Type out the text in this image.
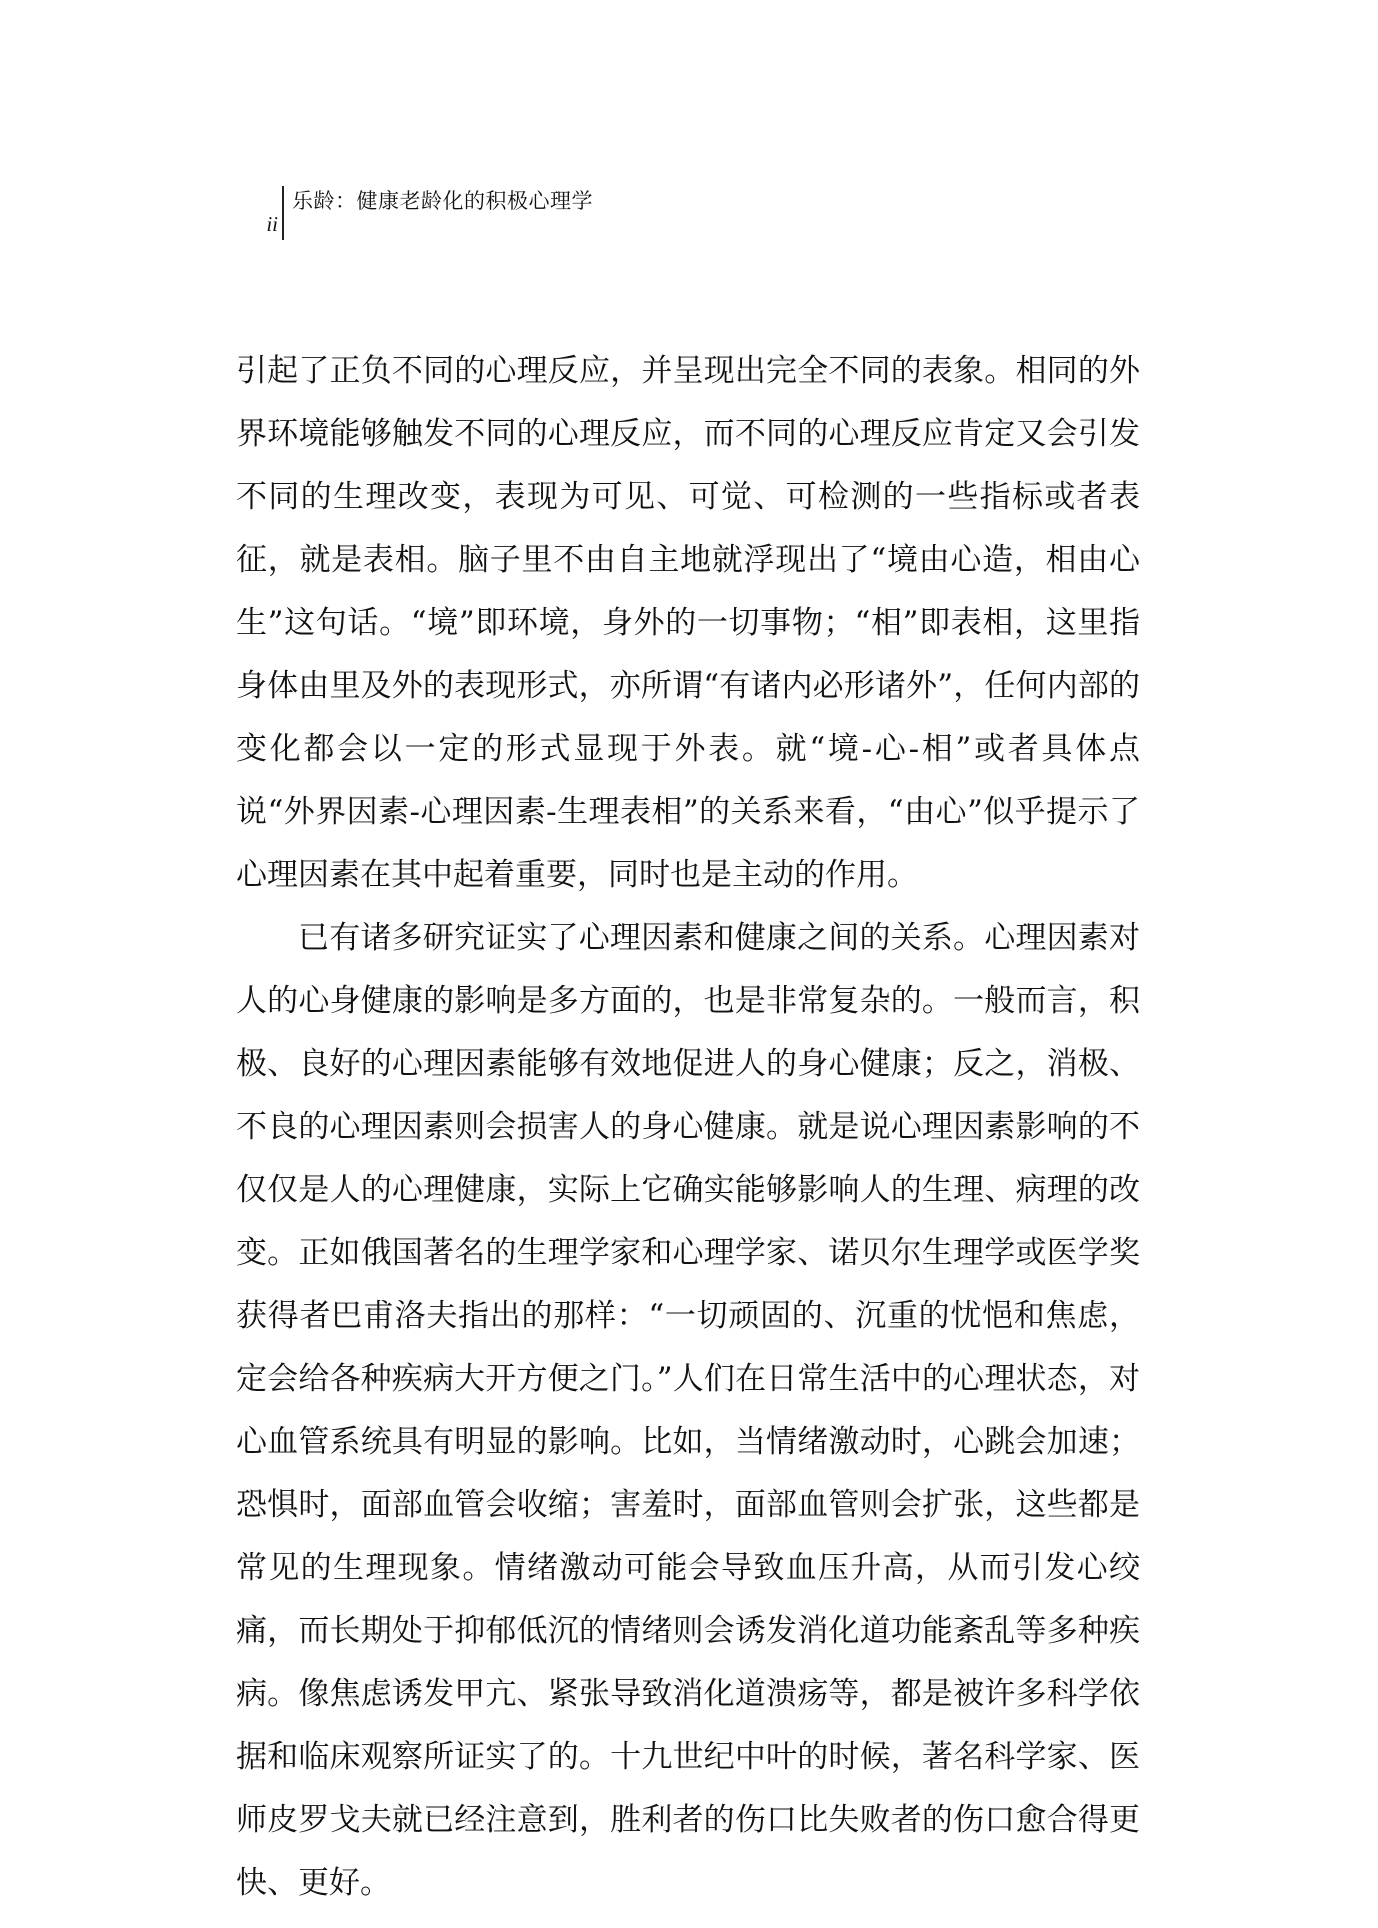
ii
乐龄：健康老龄化的积极心理学

引起了正负不同的心理反应，并呈现出完全不同的表象。相同的外界环境能够触发不同的心理反应，而不同的心理反应肯定又会引发不同的生理改变，表现为可见、可觉、可检测的一些指标或者表征，就是表相。脑子里不由自主地就浮现出了“境由心造，相由心生”这句话。“境”即环境，身外的一切事物；“相”即表相，这里指身体由里及外的表现形式，亦所谓“有诸内必形诸外”，任何内部的变化都会以一定的形式显现于外表。就“境-心-相”或者具体点说“外界因素-心理因素-生理表相”的关系来看，“由心”似乎提示了心理因素在其中起着重要，同时也是主动的作用。

已有诸多研究证实了心理因素和健康之间的关系。心理因素对人的心身健康的影响是多方面的，也是非常复杂的。一般而言，积极、良好的心理因素能够有效地促进人的身心健康；反之，消极、不良的心理因素则会损害人的身心健康。就是说心理因素影响的不仅仅是人的心理健康，实际上它确实能够影响人的生理、病理的改变。正如俄国著名的生理学家和心理学家、诺贝尔生理学或医学奖获得者巴甫洛夫指出的那样：“一切顽固的、沉重的忧悒和焦虑，定会给各种疾病大开方便之门。”人们在日常生活中的心理状态，对心血管系统具有明显的影响。比如，当情绪激动时，心跳会加速；恐惧时，面部血管会收缩；害羞时，面部血管则会扩张，这些都是常见的生理现象。情绪激动可能会导致血压升高，从而引发心绞痛，而长期处于抑郁低沉的情绪则会诱发消化道功能紊乱等多种疾病。像焦虑诱发甲亢、紧张导致消化道溃疡等，都是被许多科学依据和临床观察所证实了的。十九世纪中叶的时候，著名科学家、医师皮罗戈夫就已经注意到，胜利者的伤口比失败者的伤口愈合得更快、更好。
